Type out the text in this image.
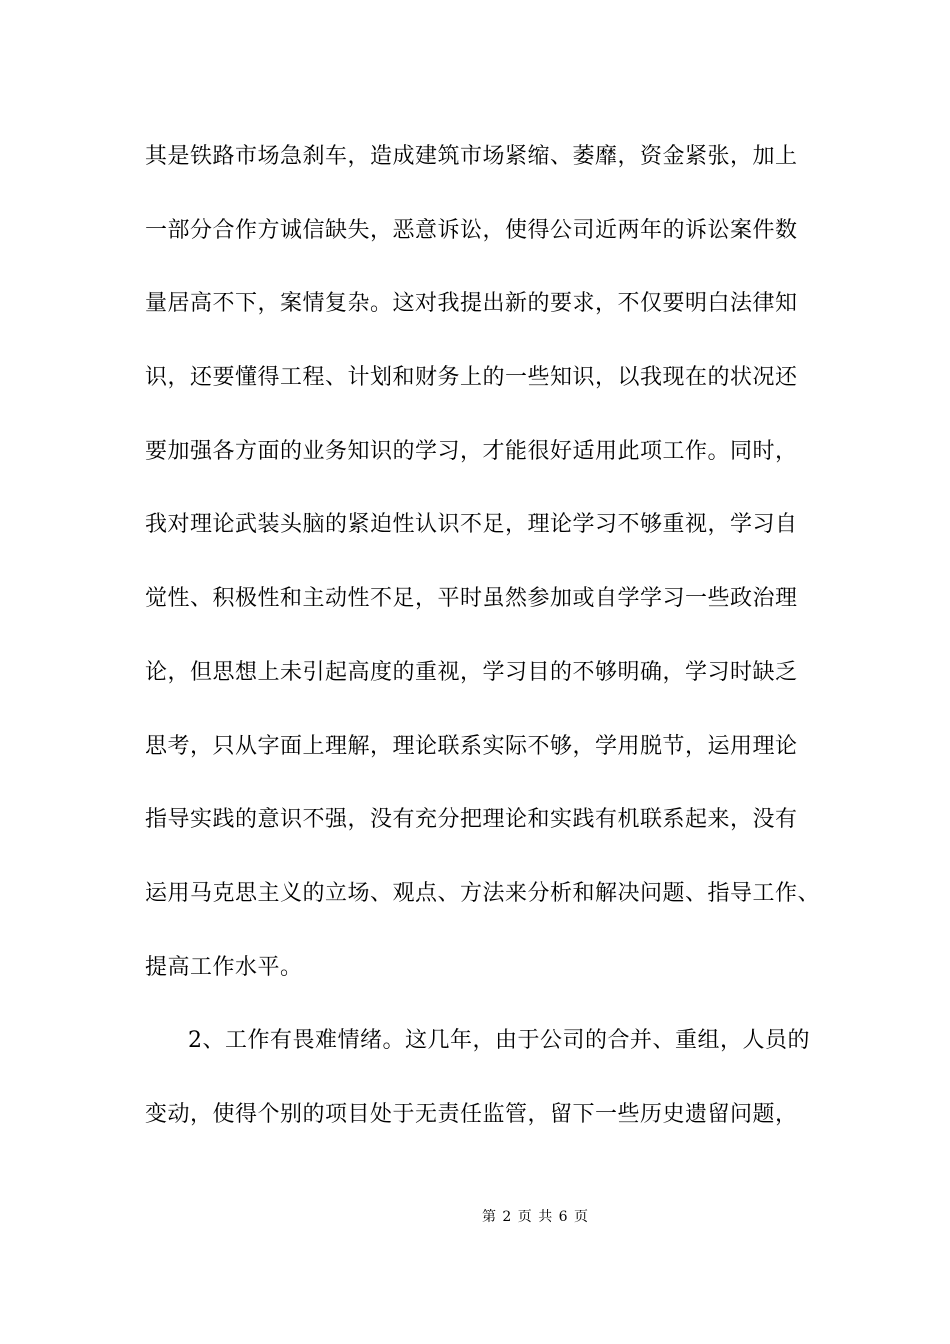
其是铁路市场急刹车，造成建筑市场紧缩、萎靡，资金紧张，加上
一部分合作方诚信缺失，恶意诉讼，使得公司近两年的诉讼案件数
量居高不下，案情复杂。这对我提出新的要求，不仅要明白法律知
识，还要懂得工程、计划和财务上的一些知识，以我现在的状况还
要加强各方面的业务知识的学习，才能很好适用此项工作。同时，
我对理论武装头脑的紧迫性认识不足，理论学习不够重视，学习自
觉性、积极性和主动性不足，平时虽然参加或自学学习一些政治理
论，但思想上未引起高度的重视，学习目的不够明确，学习时缺乏
思考，只从字面上理解，理论联系实际不够，学用脱节，运用理论
指导实践的意识不强，没有充分把理论和实践有机联系起来，没有
运用马克思主义的立场、观点、方法来分析和解决问题、指导工作、
提高工作水平。
2、工作有畏难情绪。这几年，由于公司的合并、重组，人员的
变动，使得个别的项目处于无责任监管，留下一些历史遗留问题，
第 2 页 共 6 页
